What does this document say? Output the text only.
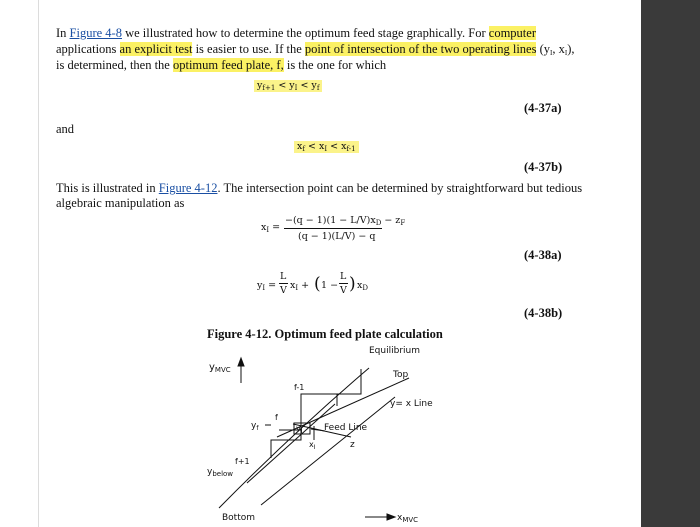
In Figure 4-8 we illustrated how to determine the optimum feed stage graphically. For computer
applications an explicit test is easier to use. If the point of intersection of the two operating lines ($y_I$, $x_I$),
is determined, then the optimum feed plate, f, is the one for which
$y_{f+1} < y_I < y_f$
(4-37a)
and
$x_f < x_I < x_{f-1}$
(4-37b)
This is illustrated in Figure 4-12. The intersection point can be determined by straightforward but tedious
algebraic manipulation as
$x_I$ =
$-(q - 1)(1 - L/V)x_D - z_F$
(q − 1)(L/V) − q
(4-38a)
$y_I$ =
L
V $x_I$ + ( 1 −
L
V ) $x_D$
(4-38b)
Figure 4-12. Optimum feed plate calculation
Equilibrium
Top
y= x Line
$y_{MVC}$
f-1
$y_f$
f
$y_I$ Feed Line
$x_I$	z
f+1
$y_{below}$
Bottom	$x_{MVC}$
